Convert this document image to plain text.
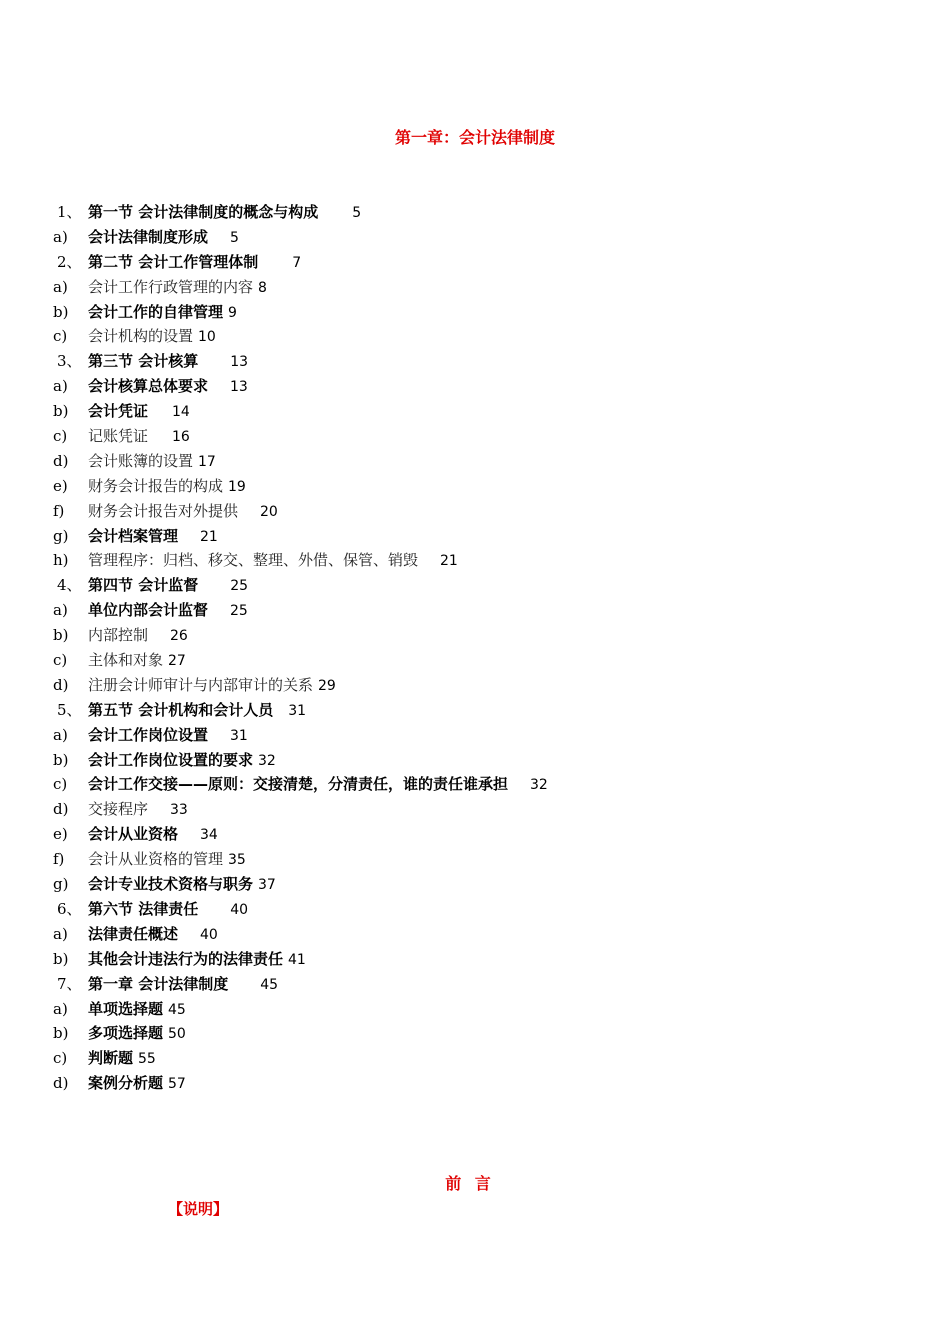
第一章：会计法律制度
1、 第一节 会计法律制度的概念与构成 5
a) 会计法律制度形成 5
2、 第二节 会计工作管理体制 7
a) 会计工作行政管理的内容 8
b) 会计工作的自律管理 9
c) 会计机构的设置 10
3、 第三节 会计核算 13
a) 会计核算总体要求 13
b) 会计凭证 14
c) 记账凭证 16
d) 会计账簿的设置 17
e) 财务会计报告的构成 19
f) 财务会计报告对外提供 20
g) 会计档案管理 21
h) 管理程序：归档、移交、整理、外借、保管、销毁 21
4、 第四节 会计监督 25
a) 单位内部会计监督 25
b) 内部控制 26
c) 主体和对象 27
d) 注册会计师审计与内部审计的关系 29
5、 第五节 会计机构和会计人员 31
a) 会计工作岗位设置 31
b) 会计工作岗位设置的要求 32
c) 会计工作交接——原则：交接清楚，分清责任，谁的责任谁承担 32
d) 交接程序 33
e) 会计从业资格 34
f) 会计从业资格的管理 35
g) 会计专业技术资格与职务 37
6、 第六节 法律责任 40
a) 法律责任概述 40
b) 其他会计违法行为的法律责任 41
7、 第一章 会计法律制度 45
a) 单项选择题 45
b) 多项选择题 50
c) 判断题 55
d) 案例分析题 57
前 言
【说明】
